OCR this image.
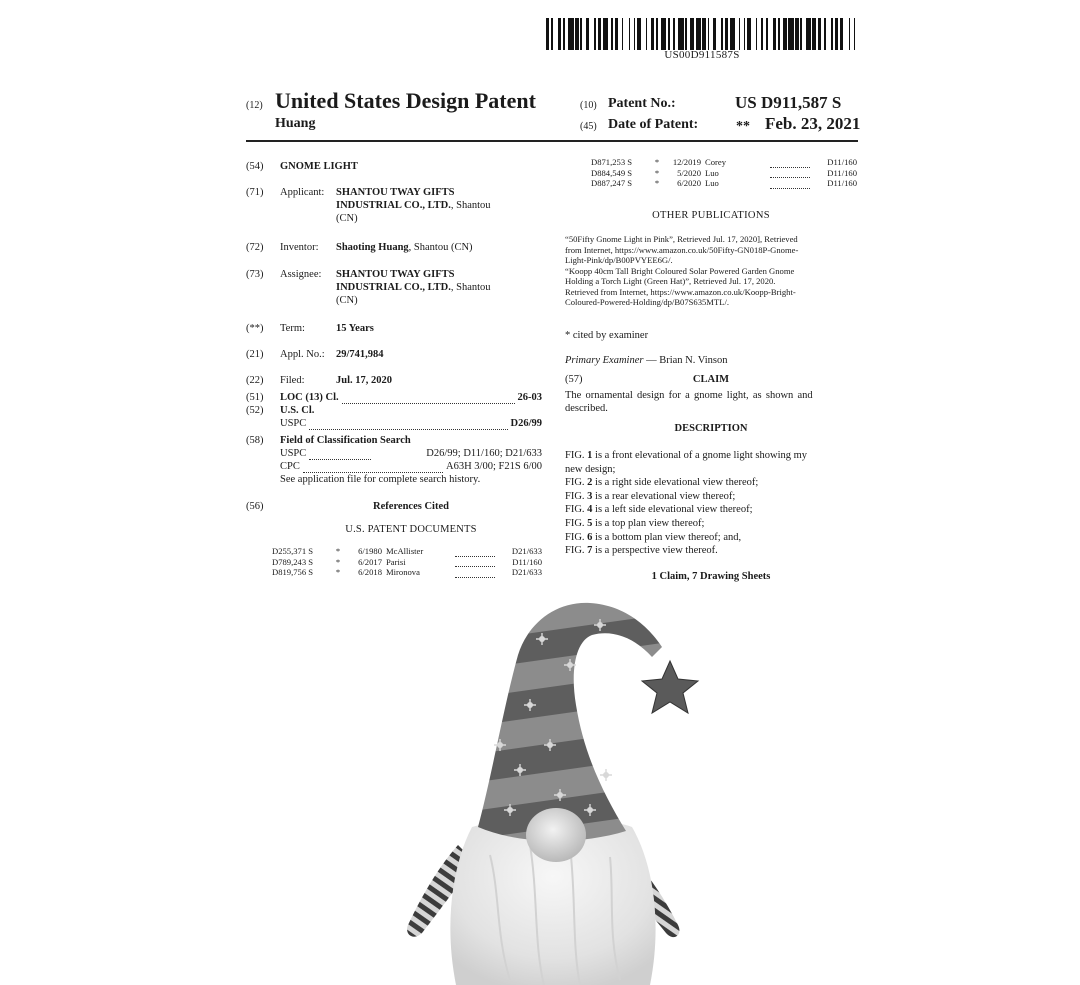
US00D911587S
(12) United States Design Patent
Huang
(10) Patent No.:	US D911,587 S
(45) Date of Patent:	** Feb. 23, 2021
(54) GNOME LIGHT
(71) Applicant: SHANTOU TWAY GIFTS
INDUSTRIAL CO., LTD., Shantou
(CN)
(72) Inventor: Shaoting Huang, Shantou (CN)
(73) Assignee: SHANTOU TWAY GIFTS
INDUSTRIAL CO., LTD., Shantou
(CN)
(**) Term:	15 Years
(21) Appl. No.: 29/741,984
(22) Filed:	Jul. 17, 2020
(51) LOC (13) Cl.	26-03
(52) U.S. Cl.
USPC	D26/99
(58) Field of Classification Search
USPC	D26/99; D11/160; D21/633
CPC	A63H 3/00; F21S 6/00
See application file for complete search history.
(56)	References Cited
U.S. PATENT DOCUMENTS
D255,371 S	*	6/1980 McAllister	D21/633
D789,243 S	*	6/2017 Parisi	D11/160
D819,756 S	*	6/2018 Mironova	D21/633
D871,253 S	*	12/2019 Corey	D11/160
D884,549 S	*	5/2020 Luo	D11/160
D887,247 S	*	6/2020 Luo	D11/160
OTHER PUBLICATIONS
“50Fifty Gnome Light in Pink”, Retrieved Jul. 17, 2020], Retrieved
from Internet, https://www.amazon.co.uk/50Fifty-GN018P-Gnome-
Light-Pink/dp/B00PVYEE6G/.
“Koopp 40cm Tall Bright Coloured Solar Powered Garden Gnome
Holding a Torch Light (Green Hat)”, Retrieved Jul. 17, 2020.
Retrieved from Internet, https://www.amazon.co.uk/Koopp-Bright-
Coloured-Powered-Holding/dp/B07S635MTL/.
* cited by examiner
Primary Examiner — Brian N. Vinson
(57)	CLAIM
The ornamental design for a gnome light, as shown and
described.
DESCRIPTION
FIG. 1 is a front elevational of a gnome light showing my
new design;
FIG. 2 is a right side elevational view thereof;
FIG. 3 is a rear elevational view thereof;
FIG. 4 is a left side elevational view thereof;
FIG. 5 is a top plan view thereof;
FIG. 6 is a bottom plan view thereof; and,
FIG. 7 is a perspective view thereof.
1 Claim, 7 Drawing Sheets
